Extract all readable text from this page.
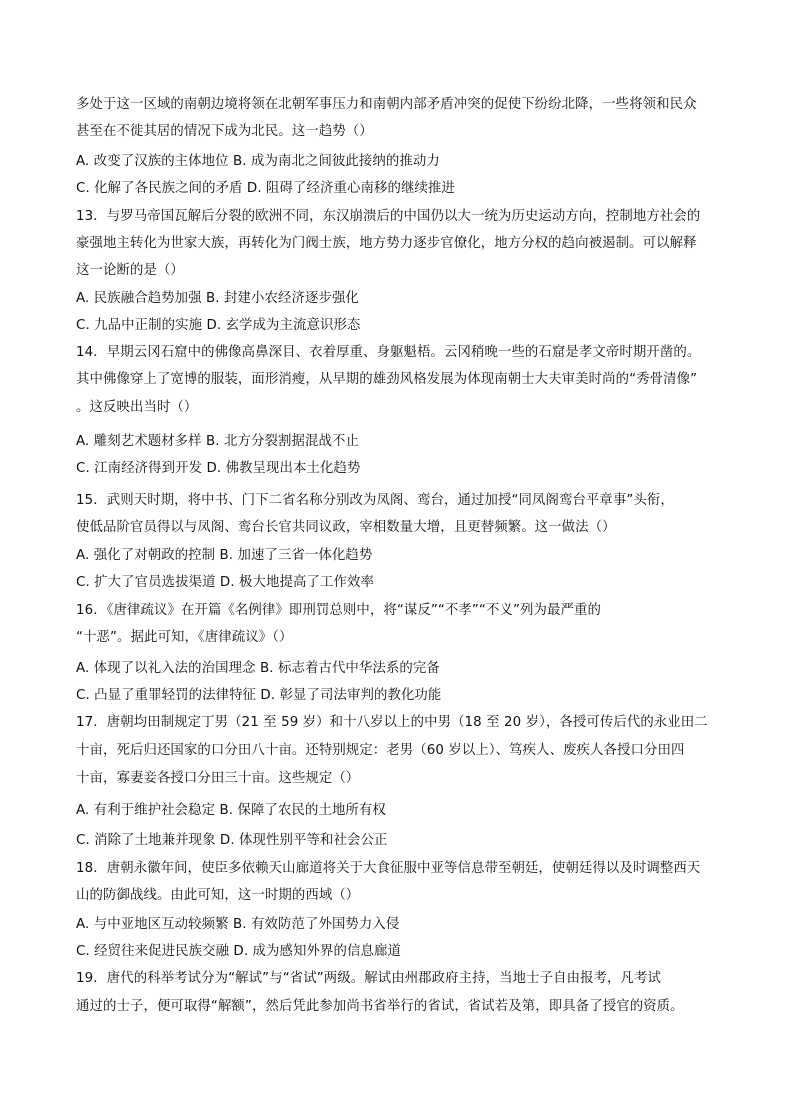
多处于这一区域的南朝边境将领在北朝军事压力和南朝内部矛盾冲突的促使下纷纷北降，一些将领和民众
甚至在不徙其居的情况下成为北民。这一趋势（）
A. 改变了汉族的主体地位 B. 成为南北之间彼此接纳的推动力
C. 化解了各民族之间的矛盾 D. 阻碍了经济重心南移的继续推进
13．与罗马帝国瓦解后分裂的欧洲不同，东汉崩溃后的中国仍以大一统为历史运动方向，控制地方社会的
豪强地主转化为世家大族，再转化为门阀士族，地方势力逐步官僚化，地方分权的趋向被遏制。可以解释
这一论断的是（）
A. 民族融合趋势加强 B. 封建小农经济逐步强化
C. 九品中正制的实施 D. 玄学成为主流意识形态
14．早期云冈石窟中的佛像高鼻深目、衣着厚重、身躯魁梧。云冈稍晚一些的石窟是孝文帝时期开凿的。
其中佛像穿上了宽博的服装，面形消瘦，从早期的雄劲风格发展为体现南朝士大夫审美时尚的“秀骨清像”
。这反映出当时（）
A. 雕刻艺术题材多样 B. 北方分裂割据混战不止
C. 江南经济得到开发 D. 佛教呈现出本土化趋势
15．武则天时期，将中书、门下二省名称分别改为凤阁、鸾台，通过加授“同凤阁鸾台平章事”头衔，
使低品阶官员得以与凤阁、鸾台长官共同议政，宰相数量大增，且更替频繁。这一做法（）
A. 强化了对朝政的控制 B. 加速了三省一体化趋势
C. 扩大了官员选拔渠道 D. 极大地提高了工作效率
16．《唐律疏议》在开篇《名例律》即刑罚总则中，将“谋反”“不孝”“不义”列为最严重的
“十恶”。据此可知，《唐律疏议》（）
A. 体现了以礼入法的治国理念 B. 标志着古代中华法系的完备
C. 凸显了重罪轻罚的法律特征 D. 彰显了司法审判的教化功能
17．唐朝均田制规定丁男（21 至 59 岁）和十八岁以上的中男（18 至 20 岁），各授可传后代的永业田二
十亩，死后归还国家的口分田八十亩。还特别规定：老男（60 岁以上）、笃疾人、废疾人各授口分田四
十亩，寡妻妾各授口分田三十亩。这些规定（）
A. 有利于维护社会稳定 B. 保障了农民的土地所有权
C. 消除了土地兼并现象 D. 体现性别平等和社会公正
18．唐朝永徽年间，使臣多依赖天山廊道将关于大食征服中亚等信息带至朝廷，使朝廷得以及时调整西天
山的防御战线。由此可知，这一时期的西域（）
A. 与中亚地区互动较频繁 B. 有效防范了外国势力入侵
C. 经贸往来促进民族交融 D. 成为感知外界的信息廊道
19．唐代的科举考试分为“解试”与“省试”两级。解试由州郡政府主持，当地士子自由报考，凡考试
通过的士子，便可取得“解额”，然后凭此参加尚书省举行的省试，省试若及第，即具备了授官的资质。
